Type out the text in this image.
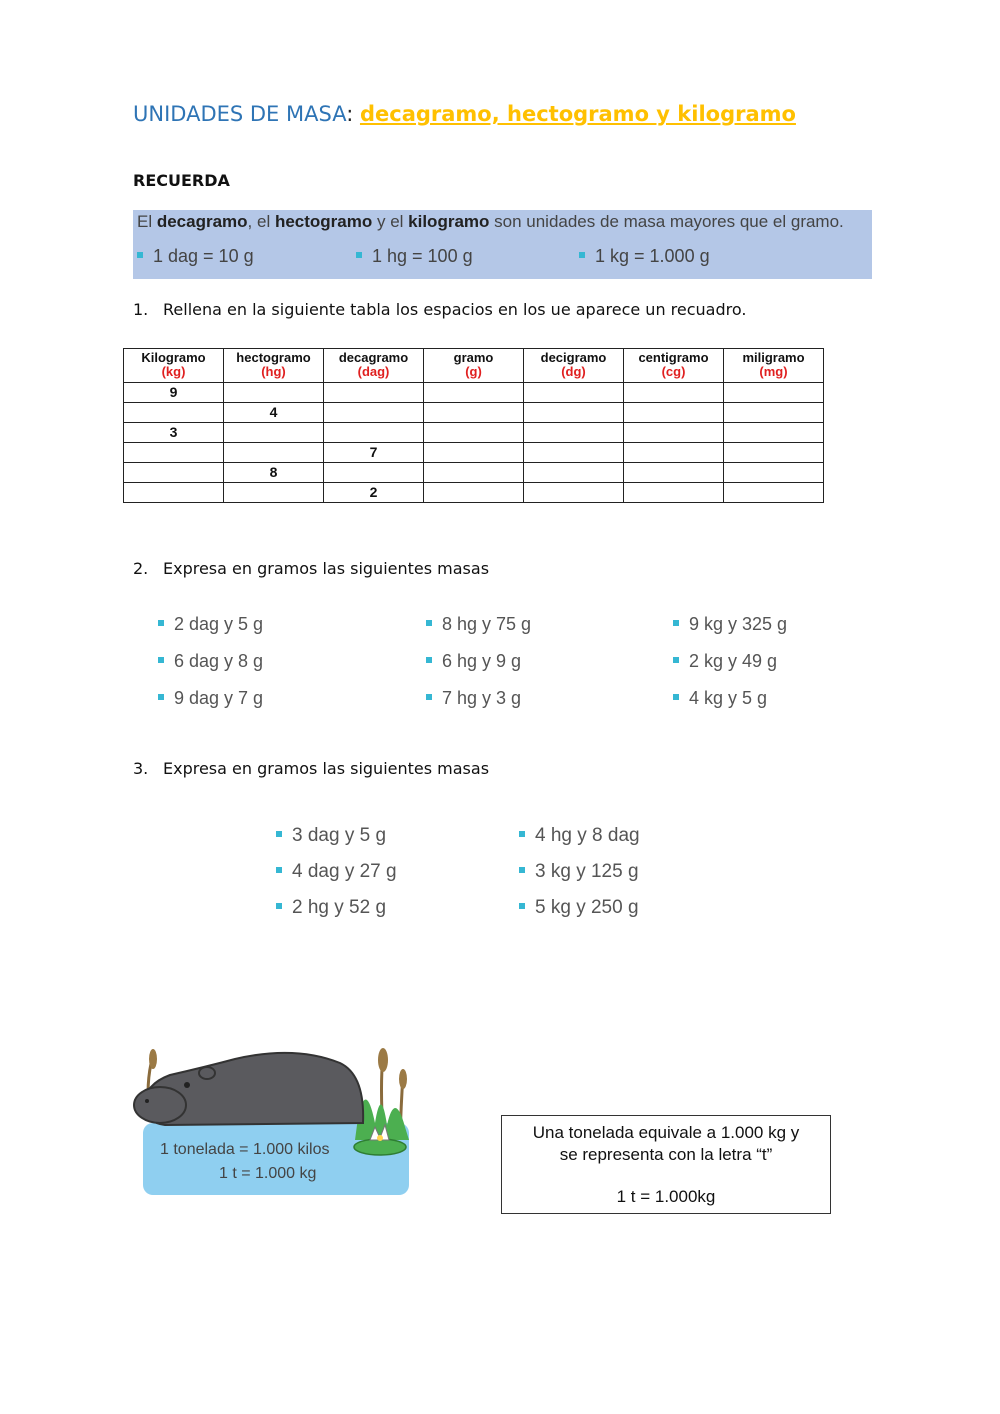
UNIDADES DE MASA: decagramo, hectogramo y kilogramo
RECUERDA
El decagramo, el hectogramo y el kilogramo son unidades de masa mayores que el gramo.
1 dag = 10 g	1 hg = 100 g	1 kg = 1.000 g
1. Rellena en la siguiente tabla los espacios en los ue aparece un recuadro.
Kilogramo
(kg)	hectogramo
(hg)	decagramo
(dag)	gramo
(g)	decigramo
(dg)	centigramo
(cg)	miligramo
(mg)

9						
	4					
3						
		7				
	8					
		2				
2. Expresa en gramos las siguientes masas
2 dag y 5 g
6 dag y 8 g
9 dag y 7 g
8 hg y 75 g
6 hg y 9 g
7 hg y 3 g
9 kg y 325 g
2 kg y 49 g
4 kg y 5 g
3. Expresa en gramos las siguientes masas
3 dag y 5 g
4 dag y 27 g
2 hg y 52 g
4 hg y 8 dag
3 kg y 125 g
5 kg y 250 g
1 tonelada = 1.000 kilos
1 t = 1.000 kg
Una tonelada equivale a 1.000 kg y
se representa con la letra “t”
1 t = 1.000kg
